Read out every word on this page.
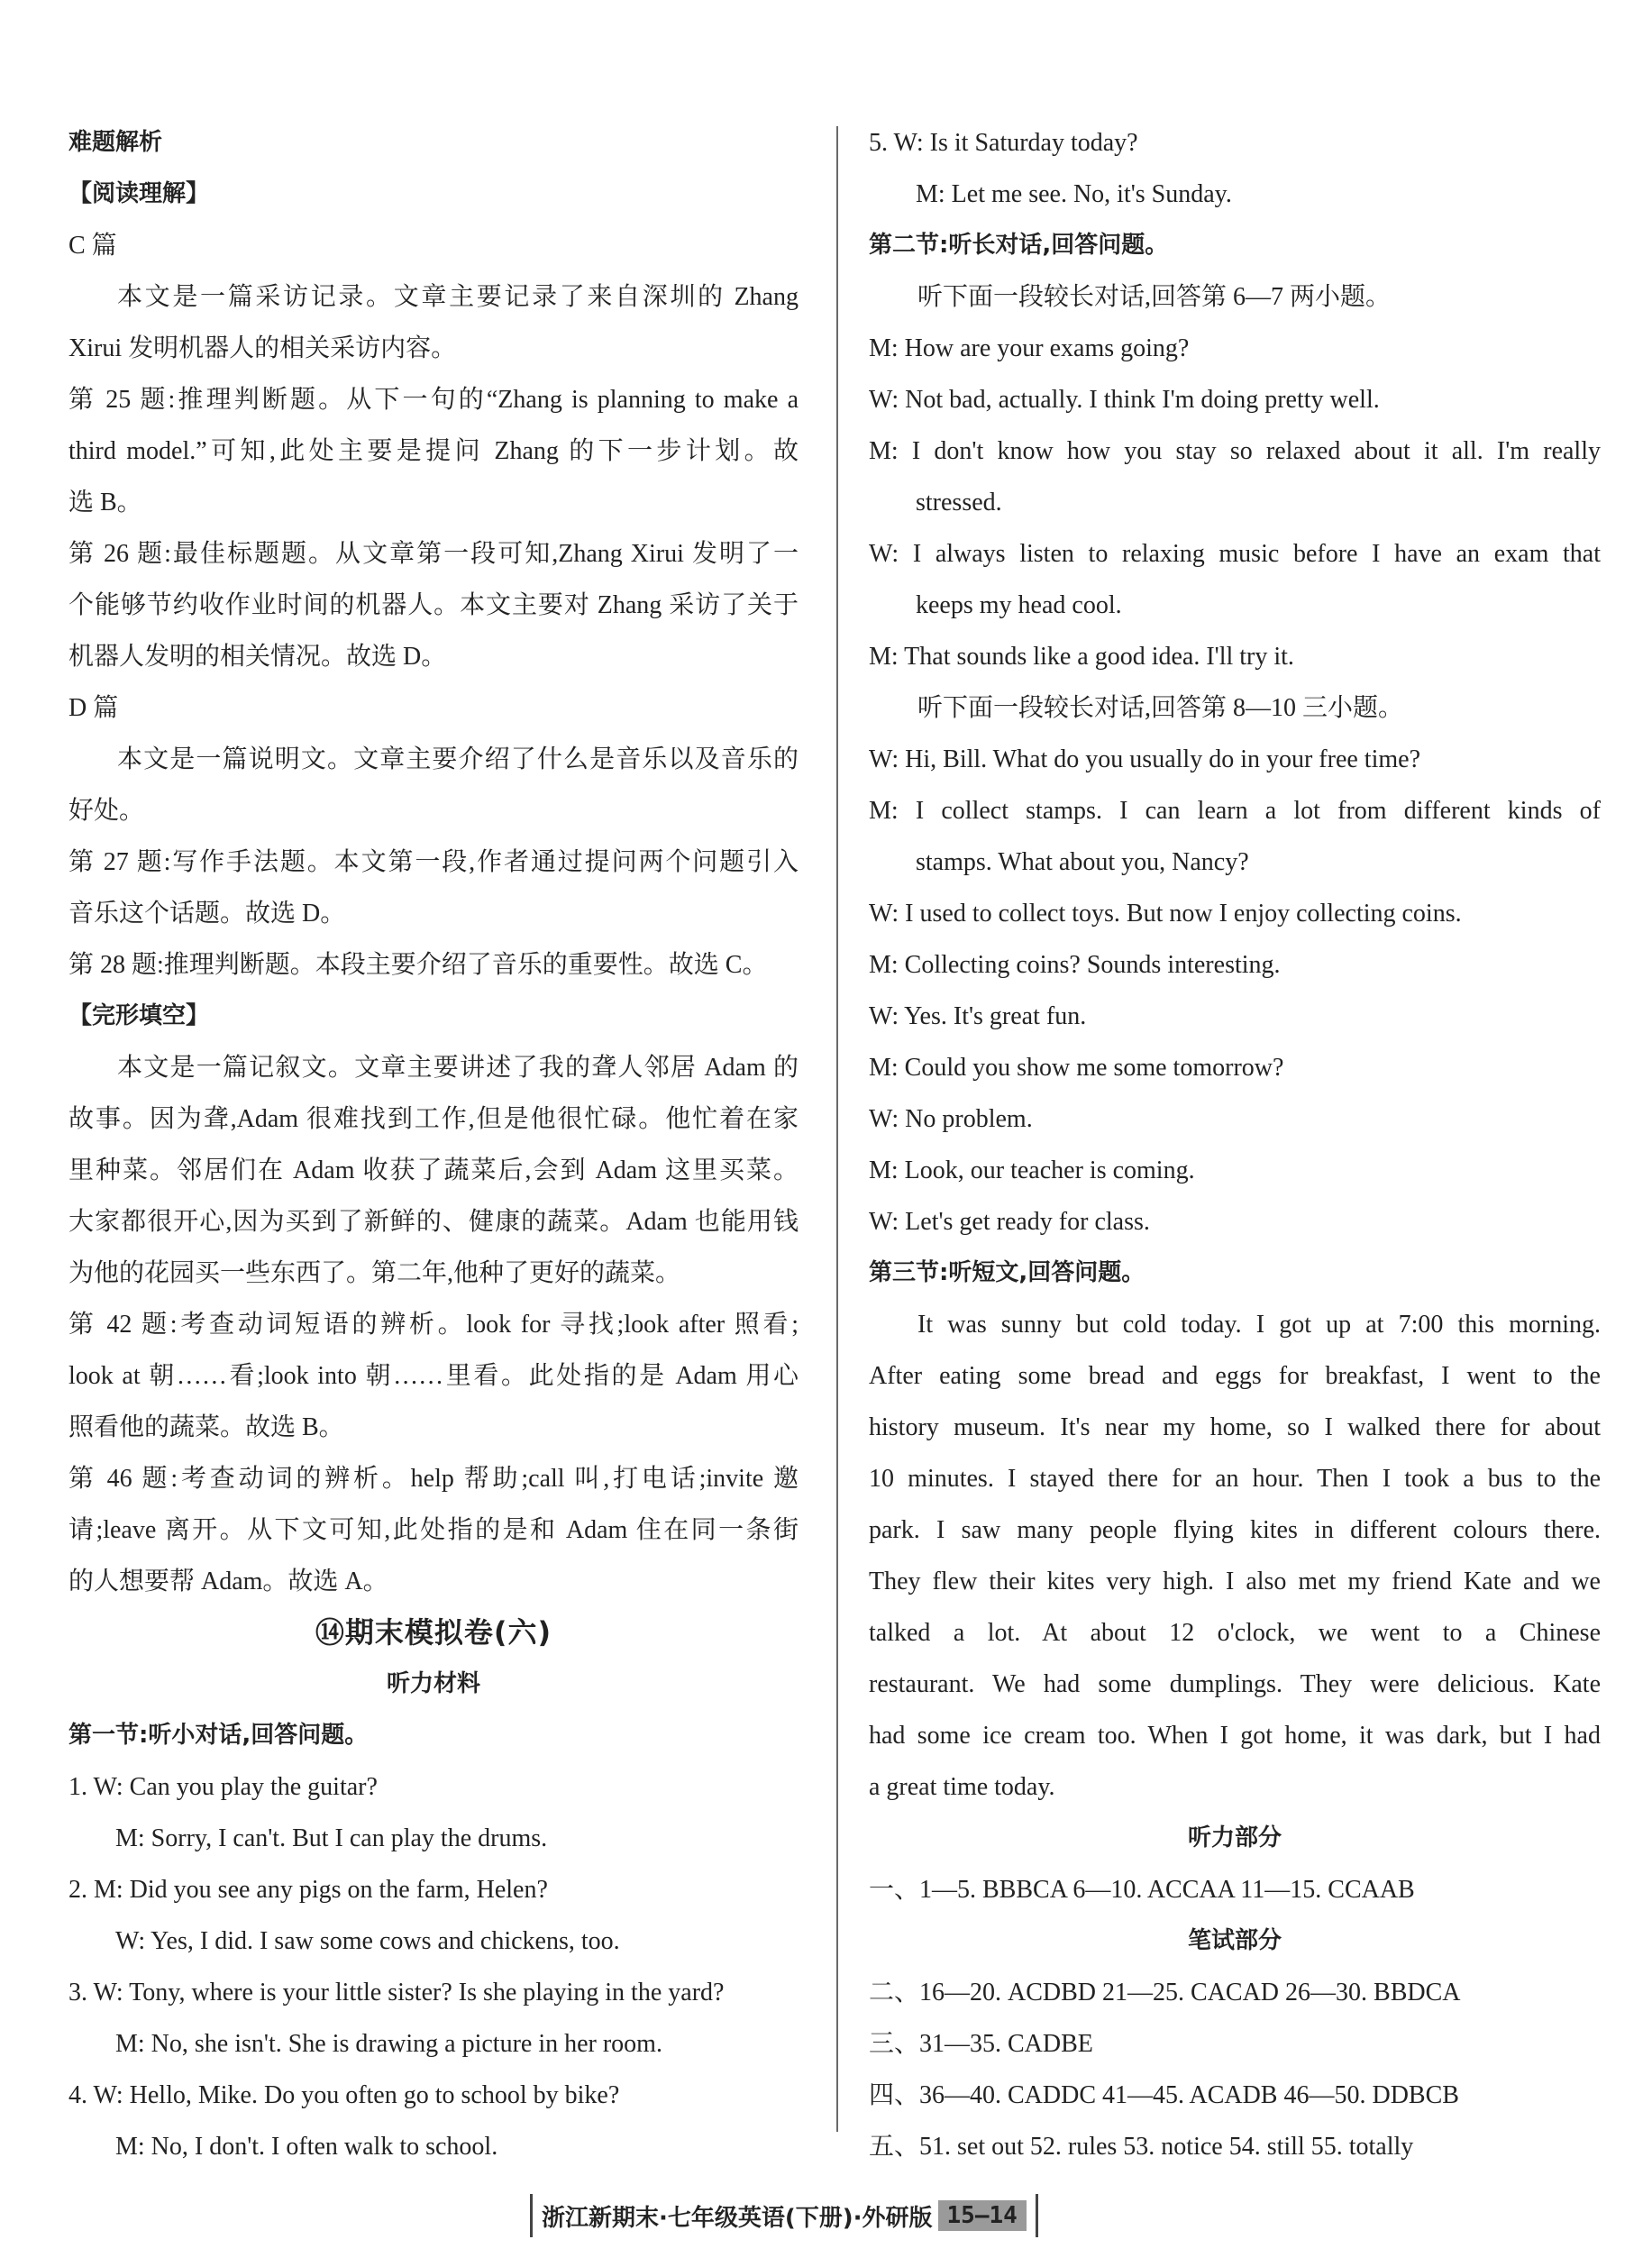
难题解析
【阅读理解】
C 篇
本文是一篇采访记录。文章主要记录了来自深圳的 Zhang
Xirui 发明机器人的相关采访内容。
第 25 题:推理判断题。从下一句的“Zhang is planning to make a
third model.”可知,此处主要是提问 Zhang 的下一步计划。故
选 B。
第 26 题:最佳标题题。从文章第一段可知,Zhang Xirui 发明了一
个能够节约收作业时间的机器人。本文主要对 Zhang 采访了关于
机器人发明的相关情况。故选 D。
D 篇
本文是一篇说明文。文章主要介绍了什么是音乐以及音乐的
好处。
第 27 题:写作手法题。本文第一段,作者通过提问两个问题引入
音乐这个话题。故选 D。
第 28 题:推理判断题。本段主要介绍了音乐的重要性。故选 C。
【完形填空】
本文是一篇记叙文。文章主要讲述了我的聋人邻居 Adam 的
故事。因为聋,Adam 很难找到工作,但是他很忙碌。他忙着在家
里种菜。邻居们在 Adam 收获了蔬菜后,会到 Adam 这里买菜。
大家都很开心,因为买到了新鲜的、健康的蔬菜。Adam 也能用钱
为他的花园买一些东西了。第二年,他种了更好的蔬菜。
第 42 题:考查动词短语的辨析。look for 寻找;look after 照看;
look at 朝……看;look into 朝……里看。此处指的是 Adam 用心
照看他的蔬菜。故选 B。
第 46 题:考查动词的辨析。help 帮助;call 叫,打电话;invite 邀
请;leave 离开。从下文可知,此处指的是和 Adam 住在同一条街
的人想要帮 Adam。故选 A。
⑭期末模拟卷(六)
听力材料
第一节:听小对话,回答问题。
1. W: Can you play the guitar?
M: Sorry, I can't. But I can play the drums.
2. M: Did you see any pigs on the farm, Helen?
W: Yes, I did. I saw some cows and chickens, too.
3. W: Tony, where is your little sister? Is she playing in the yard?
M: No, she isn't. She is drawing a picture in her room.
4. W: Hello, Mike. Do you often go to school by bike?
M: No, I don't. I often walk to school.
5. W: Is it Saturday today?
M: Let me see. No, it's Sunday.
第二节:听长对话,回答问题。
听下面一段较长对话,回答第 6—7 两小题。
M: How are your exams going?
W: Not bad, actually. I think I'm doing pretty well.
M: I don't know how you stay so relaxed about it all. I'm really
stressed.
W: I always listen to relaxing music before I have an exam that
keeps my head cool.
M: That sounds like a good idea. I'll try it.
听下面一段较长对话,回答第 8—10 三小题。
W: Hi, Bill. What do you usually do in your free time?
M: I collect stamps. I can learn a lot from different kinds of
stamps. What about you, Nancy?
W: I used to collect toys. But now I enjoy collecting coins.
M: Collecting coins? Sounds interesting.
W: Yes. It's great fun.
M: Could you show me some tomorrow?
W: No problem.
M: Look, our teacher is coming.
W: Let's get ready for class.
第三节:听短文,回答问题。
It was sunny but cold today. I got up at 7:00 this morning.
After eating some bread and eggs for breakfast, I went to the
history museum. It's near my home, so I walked there for about
10 minutes. I stayed there for an hour. Then I took a bus to the
park. I saw many people flying kites in different colours there.
They flew their kites very high. I also met my friend Kate and we
talked a lot. At about 12 o'clock, we went to a Chinese
restaurant. We had some dumplings. They were delicious. Kate
had some ice cream too. When I got home, it was dark, but I had
a great time today.
听力部分
一、1—5. BBBCA 6—10. ACCAA 11—15. CCAAB
笔试部分
二、16—20. ACDBD 21—25. CACAD 26—30. BBDCA
三、31—35. CADBE
四、36—40. CADDC 41—45. ACADB 46—50. DDBCB
五、51. set out 52. rules 53. notice 54. still 55. totally
浙江新期末·七年级英语(下册)·外研版 15—14
